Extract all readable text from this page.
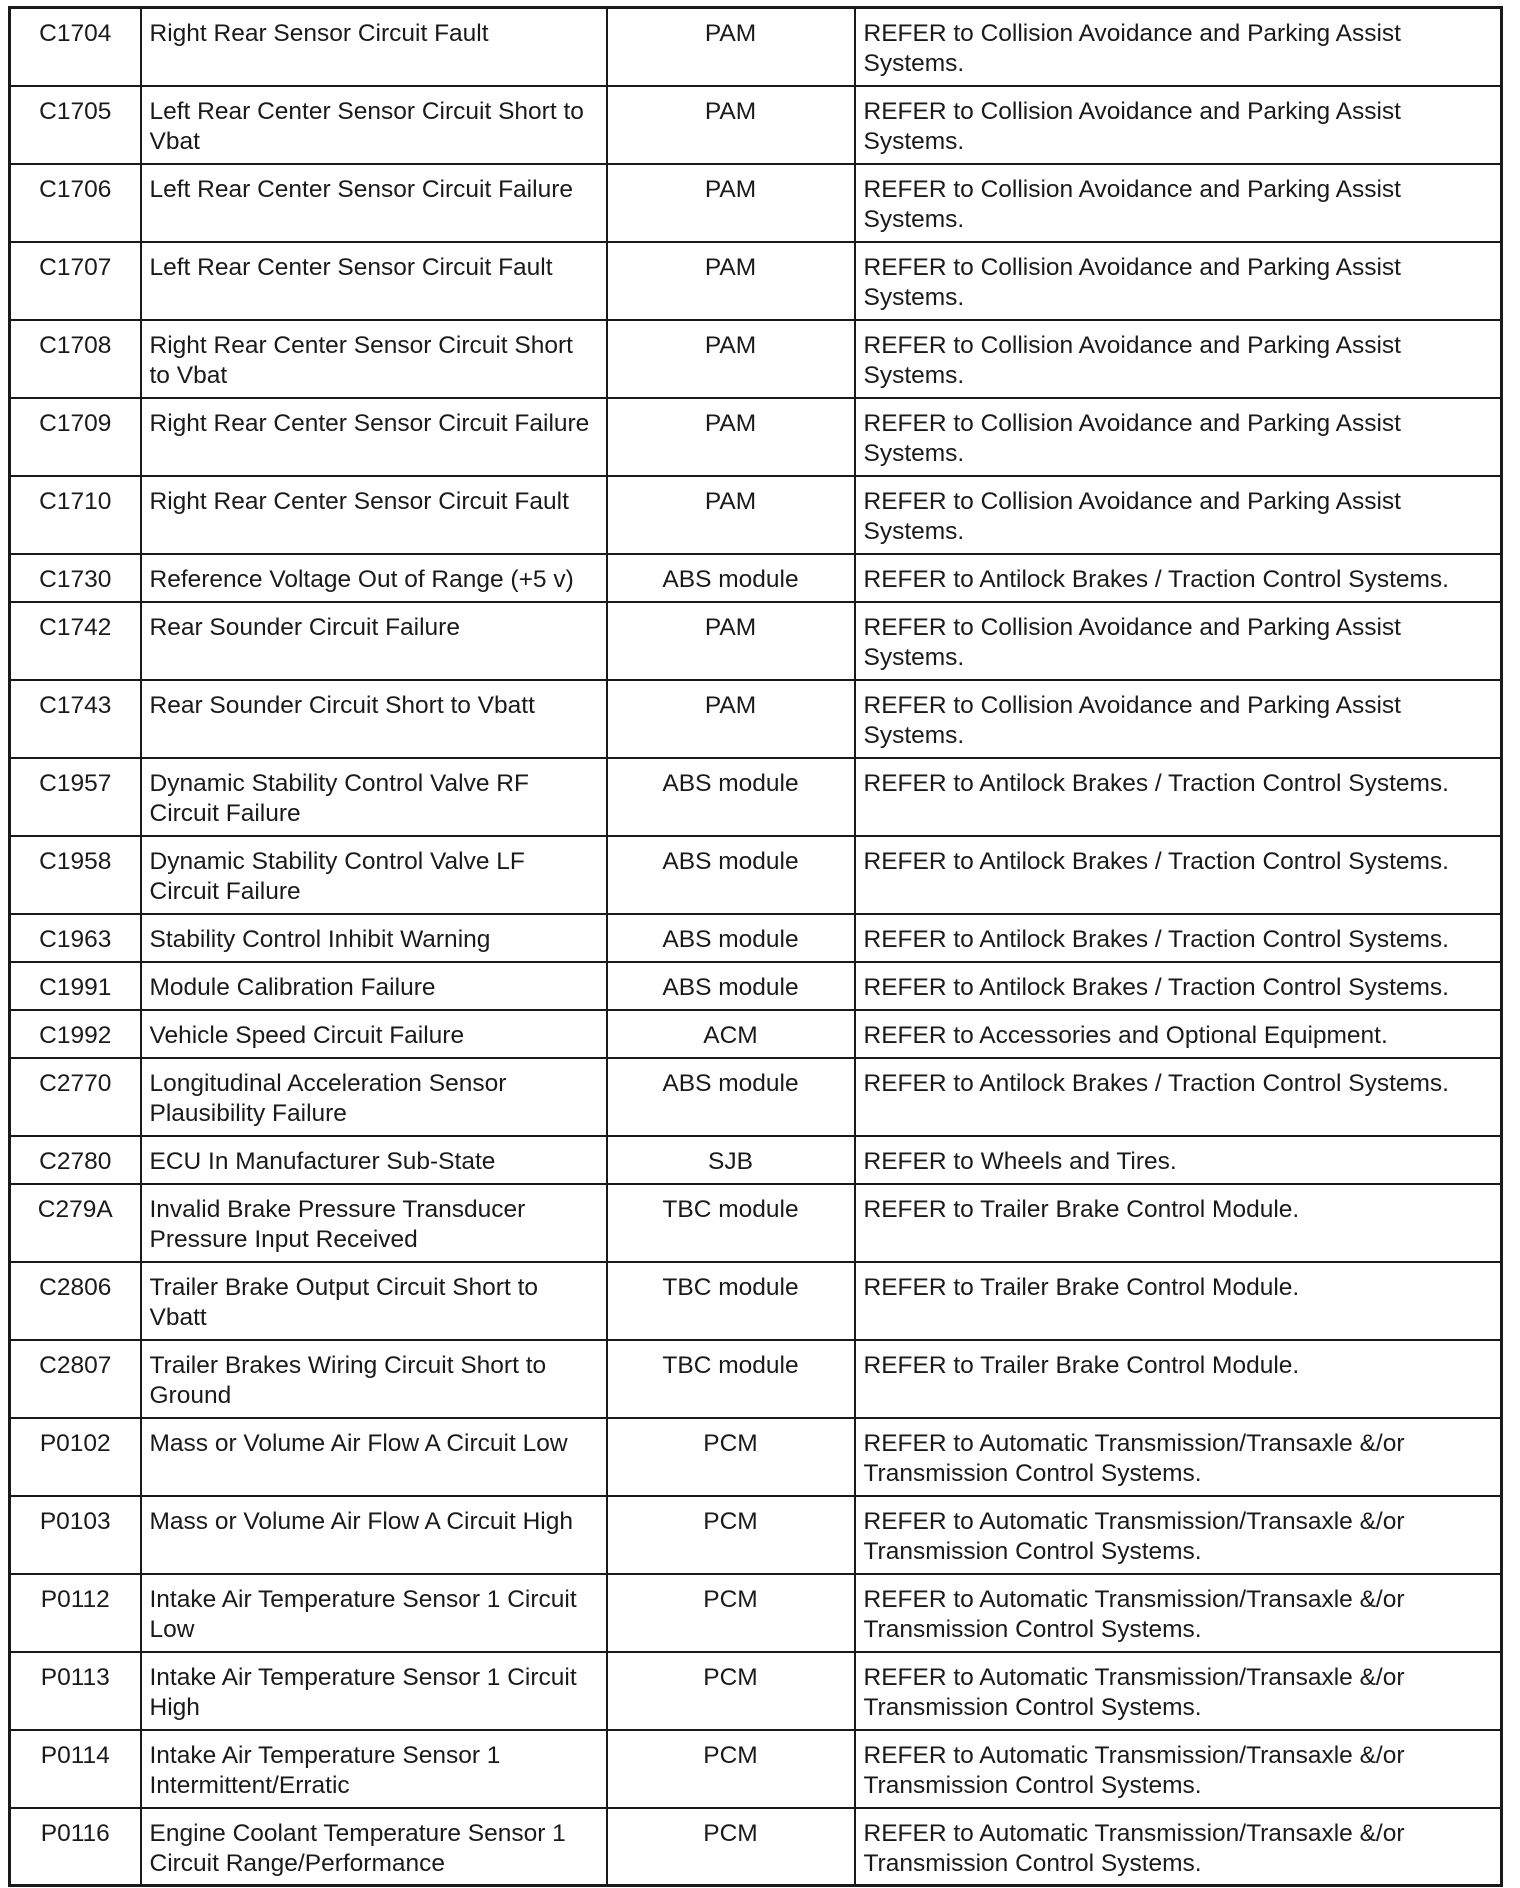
C1704	Right Rear Sensor Circuit Fault	PAM	REFER to Collision Avoidance and Parking Assist Systems.
C1705	Left Rear Center Sensor Circuit Short to Vbat	PAM	REFER to Collision Avoidance and Parking Assist Systems.
C1706	Left Rear Center Sensor Circuit Failure	PAM	REFER to Collision Avoidance and Parking Assist Systems.
C1707	Left Rear Center Sensor Circuit Fault	PAM	REFER to Collision Avoidance and Parking Assist Systems.
C1708	Right Rear Center Sensor Circuit Short to Vbat	PAM	REFER to Collision Avoidance and Parking Assist Systems.
C1709	Right Rear Center Sensor Circuit Failure	PAM	REFER to Collision Avoidance and Parking Assist Systems.
C1710	Right Rear Center Sensor Circuit Fault	PAM	REFER to Collision Avoidance and Parking Assist Systems.
C1730	Reference Voltage Out of Range (+5 v)	ABS module	REFER to Antilock Brakes / Traction Control Systems.
C1742	Rear Sounder Circuit Failure	PAM	REFER to Collision Avoidance and Parking Assist Systems.
C1743	Rear Sounder Circuit Short to Vbatt	PAM	REFER to Collision Avoidance and Parking Assist Systems.
C1957	Dynamic Stability Control Valve RF Circuit Failure	ABS module	REFER to Antilock Brakes / Traction Control Systems.
C1958	Dynamic Stability Control Valve LF Circuit Failure	ABS module	REFER to Antilock Brakes / Traction Control Systems.
C1963	Stability Control Inhibit Warning	ABS module	REFER to Antilock Brakes / Traction Control Systems.
C1991	Module Calibration Failure	ABS module	REFER to Antilock Brakes / Traction Control Systems.
C1992	Vehicle Speed Circuit Failure	ACM	REFER to Accessories and Optional Equipment.
C2770	Longitudinal Acceleration Sensor Plausibility Failure	ABS module	REFER to Antilock Brakes / Traction Control Systems.
C2780	ECU In Manufacturer Sub-State	SJB	REFER to Wheels and Tires.
C279A	Invalid Brake Pressure Transducer Pressure Input Received	TBC module	REFER to Trailer Brake Control Module.
C2806	Trailer Brake Output Circuit Short to Vbatt	TBC module	REFER to Trailer Brake Control Module.
C2807	Trailer Brakes Wiring Circuit Short to Ground	TBC module	REFER to Trailer Brake Control Module.
P0102	Mass or Volume Air Flow A Circuit Low	PCM	REFER to Automatic Transmission/Transaxle &/or Transmission Control Systems.
P0103	Mass or Volume Air Flow A Circuit High	PCM	REFER to Automatic Transmission/Transaxle &/or Transmission Control Systems.
P0112	Intake Air Temperature Sensor 1 Circuit Low	PCM	REFER to Automatic Transmission/Transaxle &/or Transmission Control Systems.
P0113	Intake Air Temperature Sensor 1 Circuit High	PCM	REFER to Automatic Transmission/Transaxle &/or Transmission Control Systems.
P0114	Intake Air Temperature Sensor 1 Intermittent/Erratic	PCM	REFER to Automatic Transmission/Transaxle &/or Transmission Control Systems.
P0116	Engine Coolant Temperature Sensor 1 Circuit Range/Performance	PCM	REFER to Automatic Transmission/Transaxle &/or Transmission Control Systems.
